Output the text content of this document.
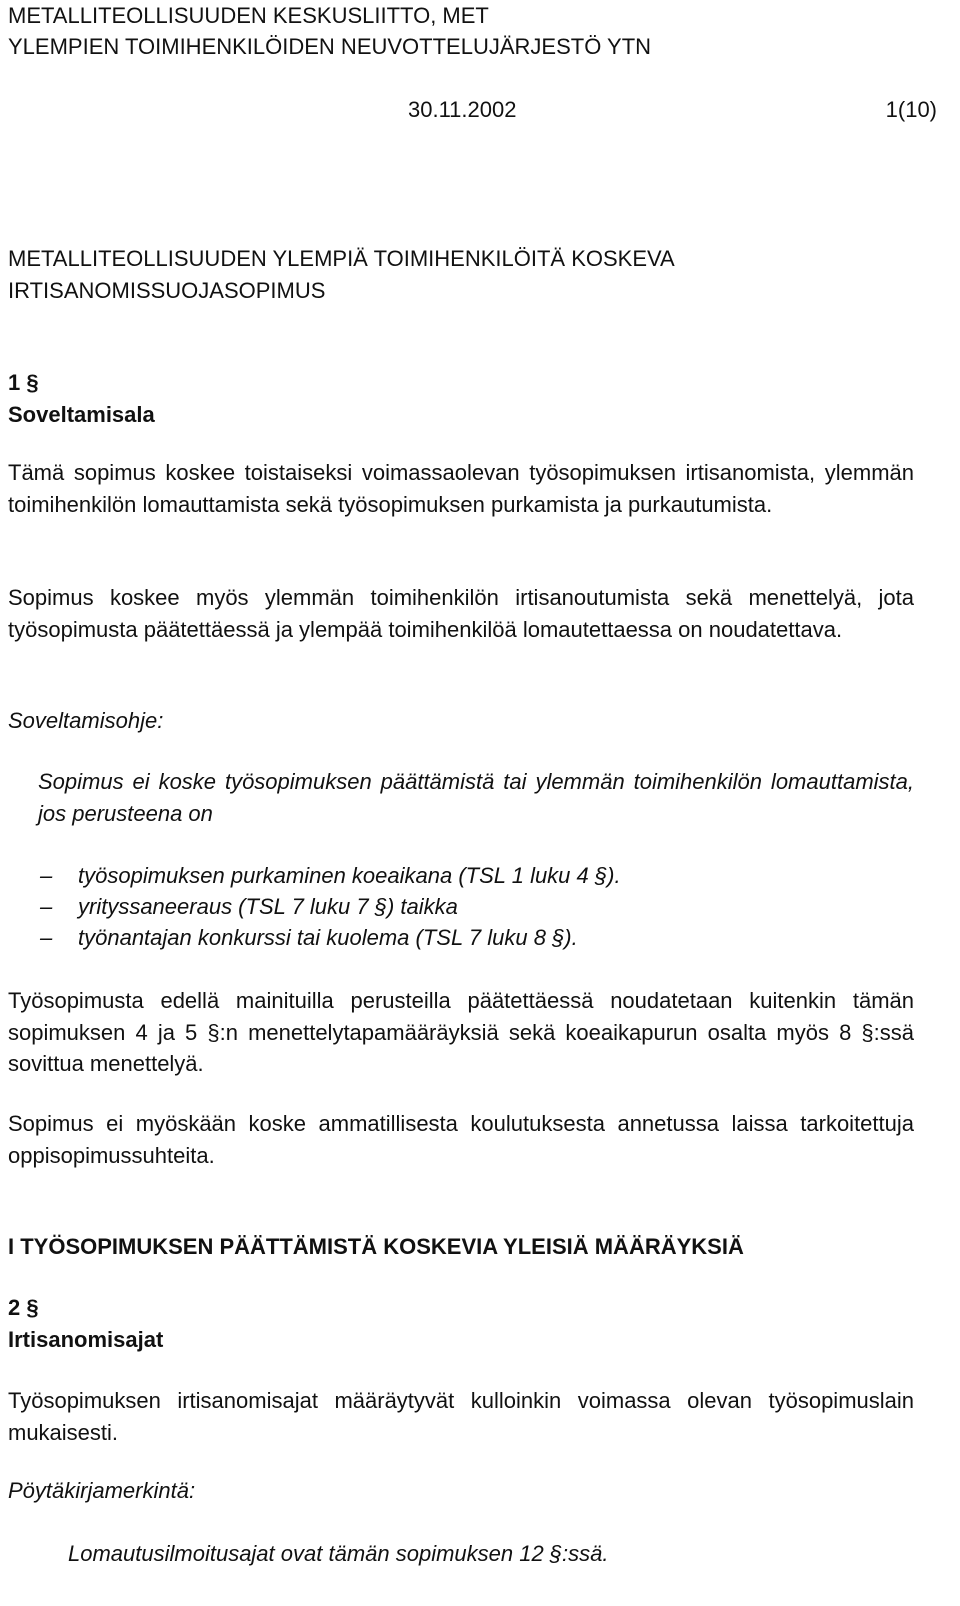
METALLITEOLLISUUDEN KESKUSLIITTO, MET
YLEMPIEN TOIMIHENKILÖIDEN NEUVOTTELUJÄRJESTÖ YTN
30.11.2002	1(10)
METALLITEOLLISUUDEN YLEMPIÄ TOIMIHENKILÖITÄ KOSKEVA
IRTISANOMISSUOJASOPIMUS
1 §
Soveltamisala
Tämä sopimus koskee toistaiseksi voimassaolevan työsopimuksen irtisanomista, ylemmän toimihenkilön lomauttamista sekä työsopimuksen purkamista ja purkautumista.
Sopimus koskee myös ylemmän toimihenkilön irtisanoutumista sekä menettelyä, jota työsopimusta päätettäessä ja ylempää toimihenkilöä lomautettaessa on noudatettava.
Soveltamisohje:
Sopimus ei koske työsopimuksen päättämistä tai ylemmän toimihenkilön lomauttamista, jos perusteena on
– työsopimuksen purkaminen koeaikana (TSL 1 luku 4 §).
– yrityssaneeraus (TSL 7 luku 7 §) taikka
– työnantajan konkurssi tai kuolema (TSL 7 luku 8 §).
Työsopimusta edellä mainituilla perusteilla päätettäessä noudatetaan kuitenkin tämän sopimuksen 4 ja 5 §:n menettelytapamääräyksiä sekä koeaikapurun osalta myös 8 §:ssä sovittua menettelyä.
Sopimus ei myöskään koske ammatillisesta koulutuksesta annetussa laissa tarkoitettuja oppisopimussuhteita.
I TYÖSOPIMUKSEN PÄÄTTÄMISTÄ KOSKEVIA YLEISIÄ MÄÄRÄYKSIÄ
2 §
Irtisanomisajat
Työsopimuksen irtisanomisajat määräytyvät kulloinkin voimassa olevan työsopimuslain mukaisesti.
Pöytäkirjamerkintä:
Lomautusilmoitusajat ovat tämän sopimuksen 12 §:ssä.
